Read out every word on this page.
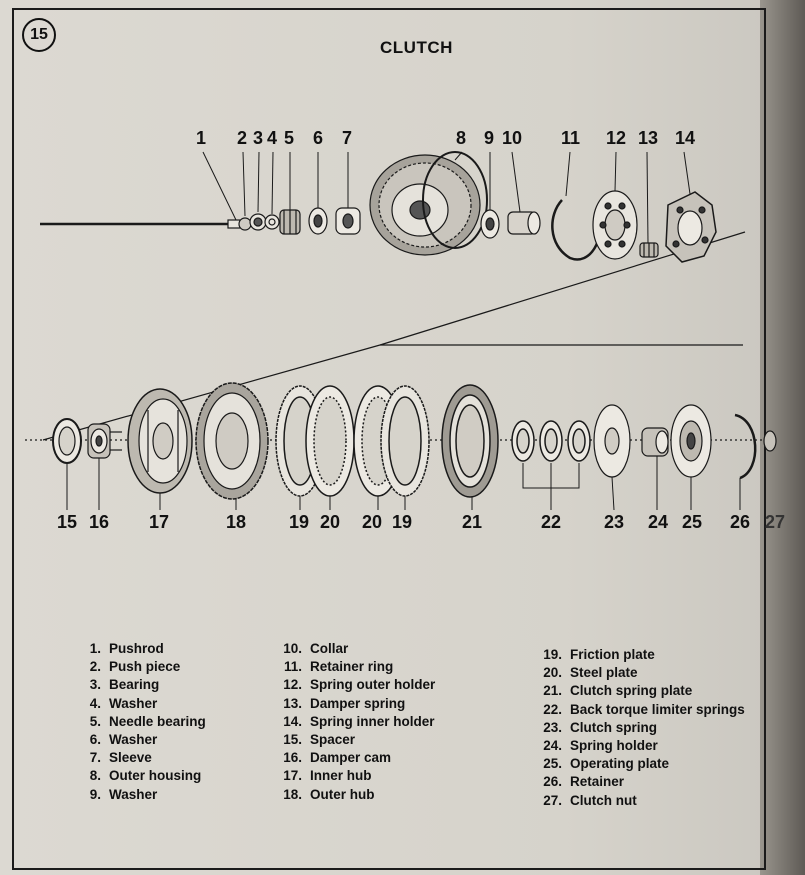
15
CLUTCH
1 2 3 4 5 6 7	8 9 10 11 12 13 14
15 16 17	18 19 20 20 19	21	22 23 24 25 26 27
1. Pushrod
2. Push piece
3. Bearing
4. Washer
5. Needle bearing
6. Washer
7. Sleeve
8. Outer housing
9. Washer
10. Collar
11. Retainer ring
12. Spring outer holder
13. Damper spring
14. Spring inner holder
15. Spacer
16. Damper cam
17. Inner hub
18. Outer hub
19. Friction plate
20. Steel plate
21. Clutch spring plate
22. Back torque limiter springs
23. Clutch spring
24. Spring holder
25. Operating plate
26. Retainer
27. Clutch nut
